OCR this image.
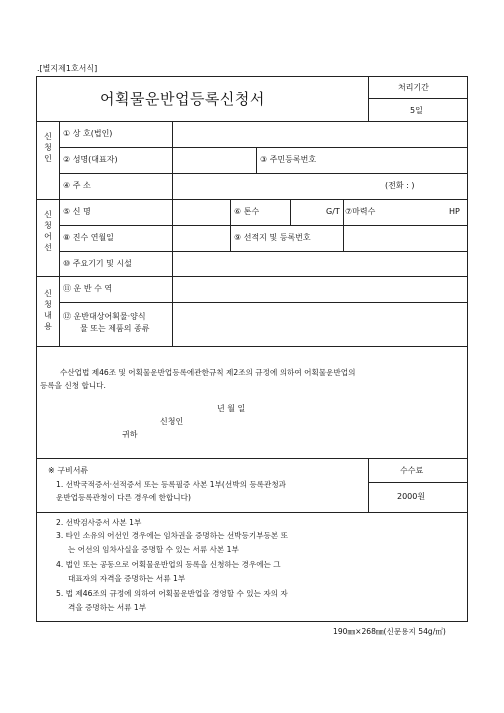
.[별지제1호서식]
어획물운반업등록신청서
처리기간
5일
신
청
인
신
청
어
선
신
청
내
용
① 상 호(법인)
② 성명(대표자)	③ 주민등록번호
④ 주 소	(전화 : )
⑤ 신 명	⑥ 톤수	G/T ⑦마력수	HP
⑧ 진수 연월일	⑨ 선적지 및 등록번호
⑩ 주요기기 및 시설
⑪ 운 반 수 역
⑫ 운반대상어획물·양식
물 또는 제품의 종류
수산업법 제46조 및 어획물운반업등록에관한규칙 제2조의 규정에 의하여 어획물운반업의
등록을 신청 합니다.
년 월 일
신청인
귀하
수수료
2000원
※ 구비서류
1. 선박국적증서·선적증서 또는 등록필증 사본 1부(선박의 등록관청과
운반업등록관청이 다른 경우에 한합니다)
2. 선박검사증서 사본 1부
3. 타인 소유의 어선인 경우에는 임차권을 증명하는 선박등기부등본 또
는 어선의 임차사실을 증명할 수 있는 서류 사본 1부
4. 법인 또는 공동으로 어획물운반업의 등록을 신청하는 경우에는 그
대표자의 자격을 증명하는 서류 1부
5. 법 제46조의 규정에 의하여 어획물운반업을 경영할 수 있는 자의 자
격을 증명하는 서류 1부
190㎜×268㎜(신문용지 54g/㎡)
